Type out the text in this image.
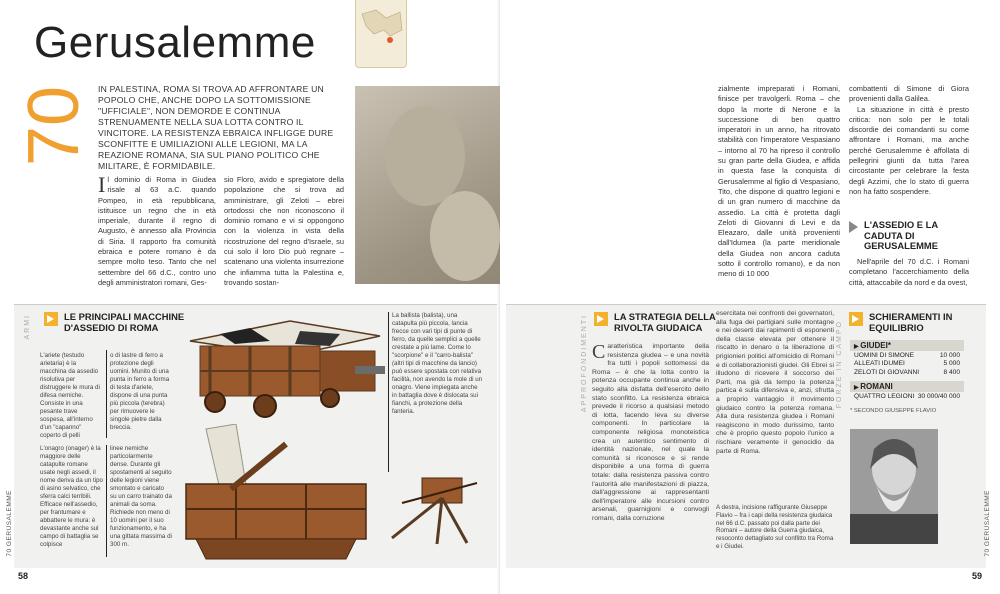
Gerusalemme
70 IN PALESTINA, ROMA SI TROVA AD AFFRONTARE UN POPOLO CHE, ANCHE DOPO LA SOTTOMISSIONE "UFFICIALE", NON DEMORDE E CONTINUA STRENUAMENTE NELLA SUA LOTTA CONTRO IL VINCITORE. LA RESISTENZA EBRAICA INFLIGGE DURE SCONFITTE E UMILIAZIONI ALLE LEGIONI, MA LA REAZIONE ROMANA, SIA SUL PIANO POLITICO CHE MILITARE, È FORMIDABILE.
Il dominio di Roma in Giudea risale al 63 a.C. quando Pompeo, in età repubblicana, istituisce un regno che in età imperiale, durante il regno di Augusto, è annesso alla Provincia di Siria. Il rapporto fra comunità ebraica e potere romano è da sempre molto teso. Tanto che nel settembre del 66 d.C., contro uno degli amministratori romani, Ges-
sio Floro, avido e spregiatore della popolazione che si trova ad amministrare, gli Zeloti – ebrei ortodossi che non riconoscono il dominio romano e vi si oppongono con la violenza in vista della ricostruzione del regno d'Israele, su cui solo il loro Dio può regnare – scatenano una violenta insurrezione che infiamma tutta la Palestina e, trovando sostan-
ARMI	LE PRINCIPALI MACCHINE D'ASSEDIO DI ROMA
L'ariete (testudo arietaria) è la macchina da assedio risolutiva per distruggere le mura di difesa nemiche. Consiste in una pesante trave sospesa, all'interno d'un "capanno" coperto di pelli
o di lastre di ferro a protezione degli uomini. Munito di una punta in ferro a forma di testa d'ariete, dispone di una punta più piccola (terebra) per rimuovere le singole pietre dalla breccia.
L'onagro (onager) è la maggiore delle catapulte romane usate negli assedi, il nome deriva da un tipo di asino selvatico, che sferra calci terribili. Efficace nell'assedio, per frantumare e abbattere le mura: è devastante anche sul campo di battaglia se colpisce
linee nemiche particolarmente dense. Durante gli spostamenti al seguito delle legioni viene smontato e caricato su un carro trainato da animali da soma. Richiede non meno di 10 uomini per il suo funzionamento, e ha una gittata massima di 300 m.
La ballista (balista), una catapulta più piccola, lancia frecce con vari tipi di punte di ferro, da quelle semplici a quelle crestate a più lame. Come lo "scorpione" e il "carro-balista" (altri tipi di macchine da lancio) può essere spostata con relativa facilità, non avendo la mole di un onagro. Viene impiegata anche in battaglia dove è dislocata sui fianchi, a protezione della fanteria.
70 GERUSALEMME
58
zialmente impreparati i Romani, finisce per travolgerli. Roma – che dopo la morte di Nerone e la successione di ben quattro imperatori in un anno, ha ritrovato stabilità con l'imperatore Vespasiano – intorno al 70 ha ripreso il controllo su gran parte della Giudea, e affida in questa fase la conquista di Gerusalemme al figlio di Vespasiano, Tito, che dispone di quattro legioni e di un gran numero di macchine da assedio. La città è protetta dagli Zeloti di Giovanni di Levi e da Eleazaro, dalle unità provenienti dall'Idumea (la parte meridionale della Giudea non ancora caduta sotto il controllo romano), e da non meno di 10 000
combattenti di Simone di Giora provenienti dalla Galilea.
La situazione in città è presto critica: non solo per le totali discordie dei comandanti su come affrontare i Romani, ma anche perché Gerusalemme è affollata di pellegrini giunti da tutta l'area circostante per celebrare la festa degli Azzimi, che lo stato di guerra non ha fatto sospendere.
L'ASSEDIO E LA CADUTA DI GERUSALEMME
Nell'aprile del 70 d.C. i Romani completano l'accerchiamento della città, attaccabile da nord e da ovest,
APPROFONDIMENTI	LA STRATEGIA DELLA RIVOLTA GIUDAICA
Caratteristica importante della resistenza giudea – e una novità fra tutti i popoli sottomessi da Roma – è che la lotta contro la potenza occupante continua anche in seguito alla disfatta dell'esercito dello stato sconfitto. La resistenza ebraica prevede il ricorso a qualsiasi metodo di lotta, facendo leva su diverse componenti. In particolare la componente religiosa monoteistica crea un autentico sentimento di identità nazionale, nel quale la comunità si riconosce e si rende disponibile a una forma di guerra totale: dalla resistenza passiva contro l'autorità alle manifestazioni di piazza, dall'aggressione ai rappresentanti dell'imperatore alle incursioni contro arsenali, guarnigioni e convogli romani, dalla corruzione
esercitata nei confronti dei governatori, alla fuga dei partigiani sulle montagne e nei deserti dai rapimenti di esponenti della classe elevata per ottenere il riscatto in denaro o la liberazione di prigionieri politici all'omicidio di Romani e di collaborazionisti giudei. Gli Ebrei si illudono di ricevere il soccorso dei Parti, ma già da tempo la potenza partica è sulla difensiva e, anzi, sfrutta a proprio vantaggio il movimento giudaico contro la potenza romana. Alla dura resistenza giudea i Romani reagiscono in modo durissimo, tanto che è proprio questo popolo l'unico a rischiare veramente il genocidio da parte di Roma.
A destra, incisione raffigurante Giuseppe Flavio – fra i capi della resistenza giudaica nel 66 d.C. passato poi dalla parte dei Romani – autore della Guerra giudaica, resoconto dettagliato sul conflitto tra Roma e i Giudei.
FORZE IN CAMPO
SCHIERAMENTI IN EQUILIBRIO
▶ GIUDEI*
UOMINI DI SIMONE	10 000
ALLEATI IDUMEI	5 000
ZELOTI DI GIOVANNI	8 400
▶ ROMANI
QUATTRO LEGIONI 30 000/40 000
* SECONDO GIUSEPPE FLAVIO
70 GERUSALEMME
59
